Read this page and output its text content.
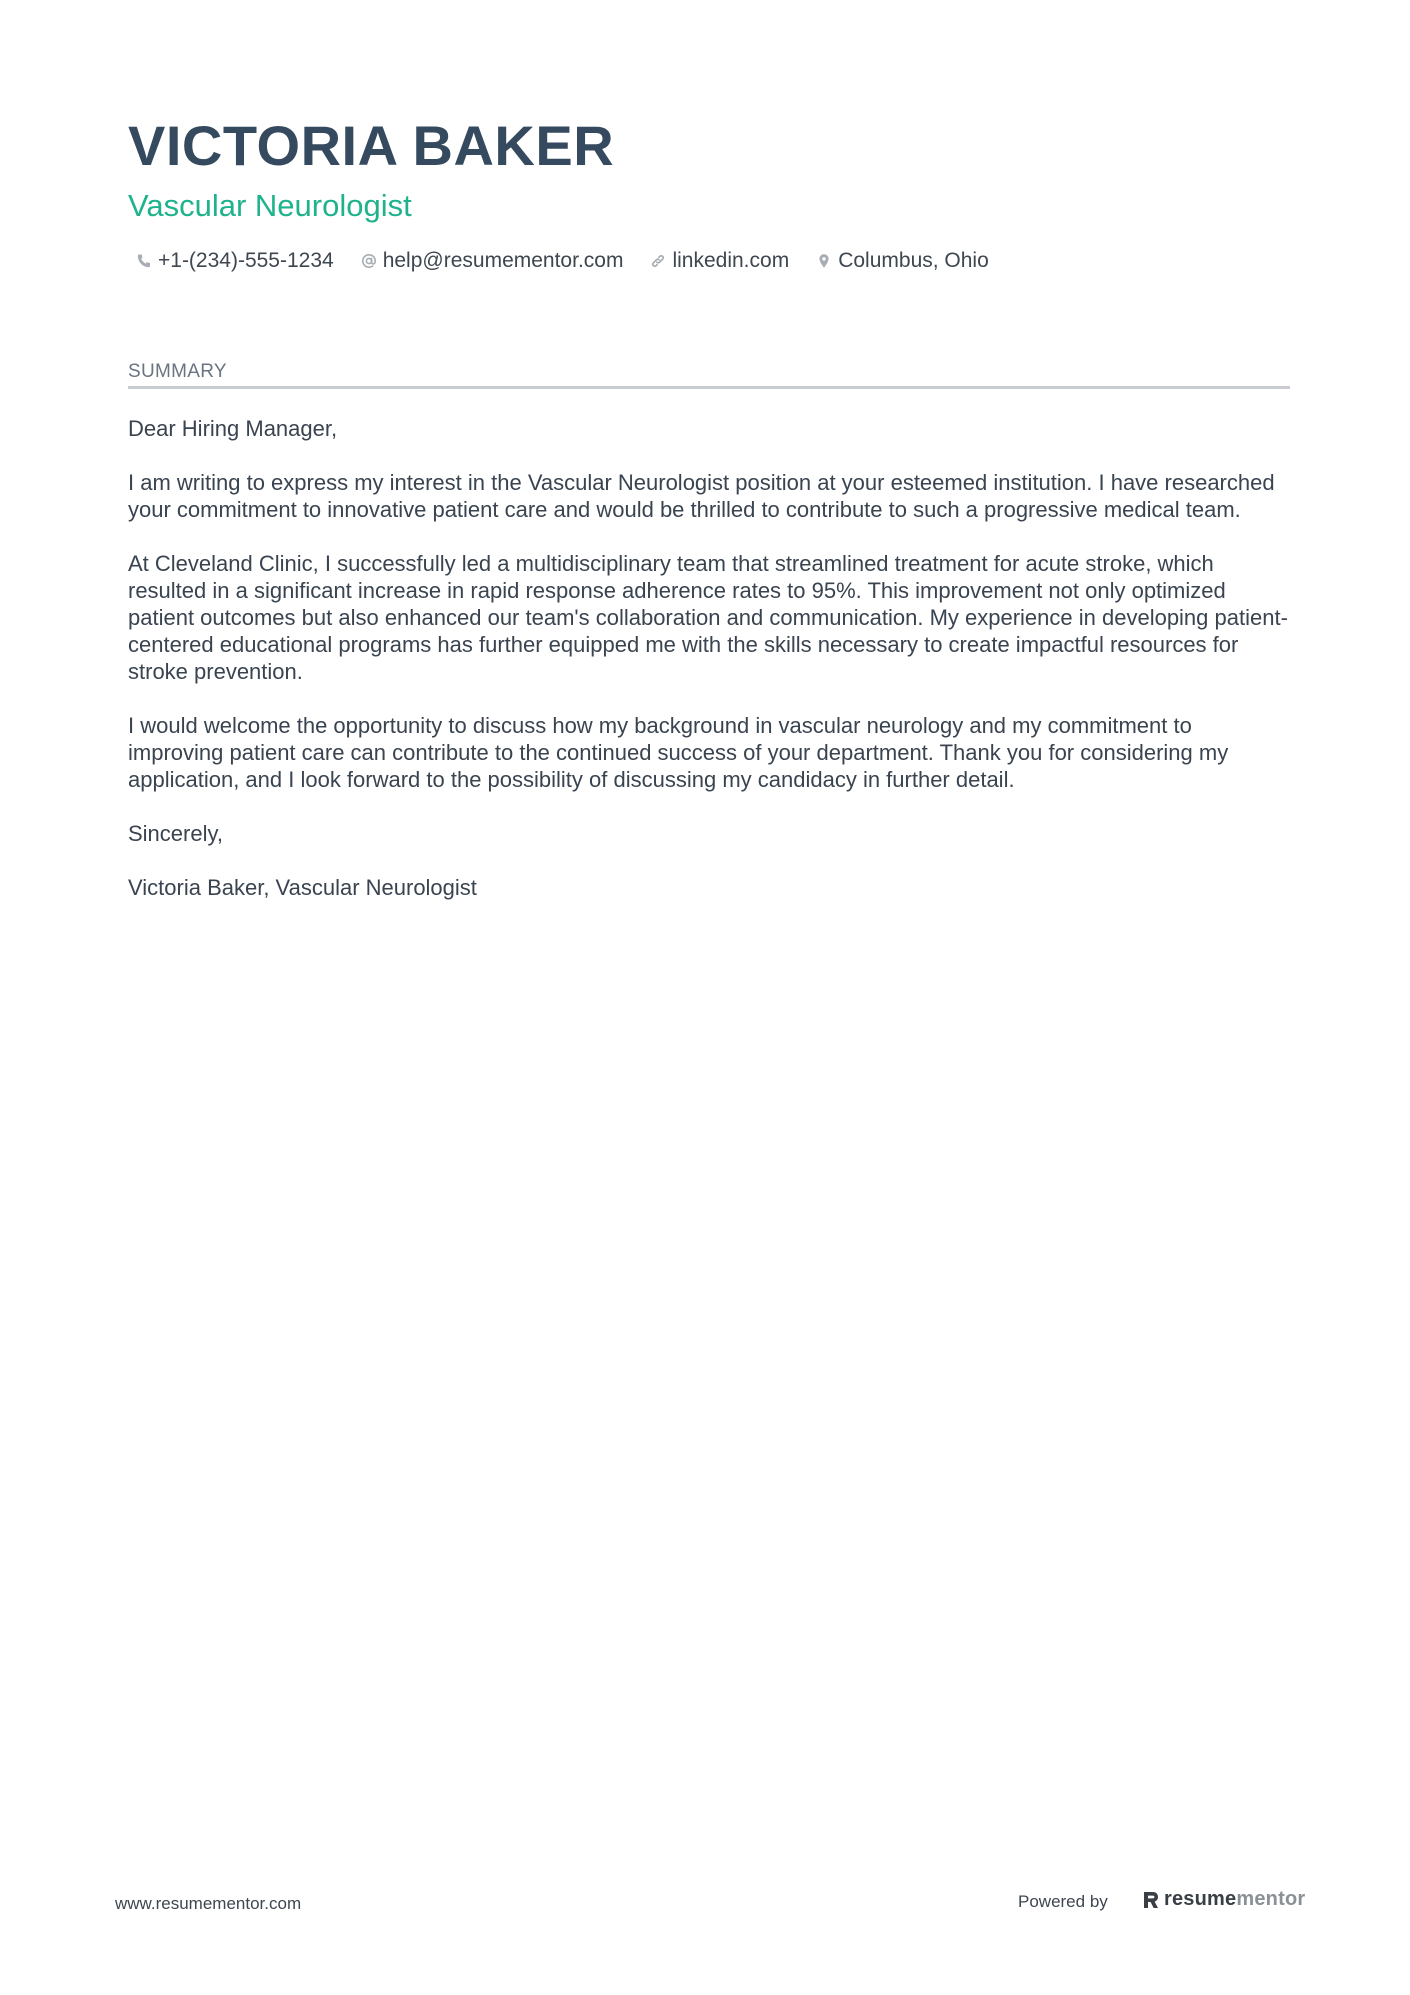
VICTORIA BAKER
Vascular Neurologist
+1-(234)-555-1234 help@resumementor.com linkedin.com Columbus, Ohio
SUMMARY

Dear Hiring Manager,

I am writing to express my interest in the Vascular Neurologist position at your esteemed institution. I have researched your commitment to innovative patient care and would be thrilled to contribute to such a progressive medical team.

At Cleveland Clinic, I successfully led a multidisciplinary team that streamlined treatment for acute stroke, which resulted in a significant increase in rapid response adherence rates to 95%. This improvement not only optimized patient outcomes but also enhanced our team's collaboration and communication. My experience in developing patient-centered educational programs has further equipped me with the skills necessary to create impactful resources for stroke prevention.

I would welcome the opportunity to discuss how my background in vascular neurology and my commitment to improving patient care can contribute to the continued success of your department. Thank you for considering my application, and I look forward to the possibility of discussing my candidacy in further detail.

Sincerely,

Victoria Baker, Vascular Neurologist

www.resumementor.com	Powered by	resume mentor
